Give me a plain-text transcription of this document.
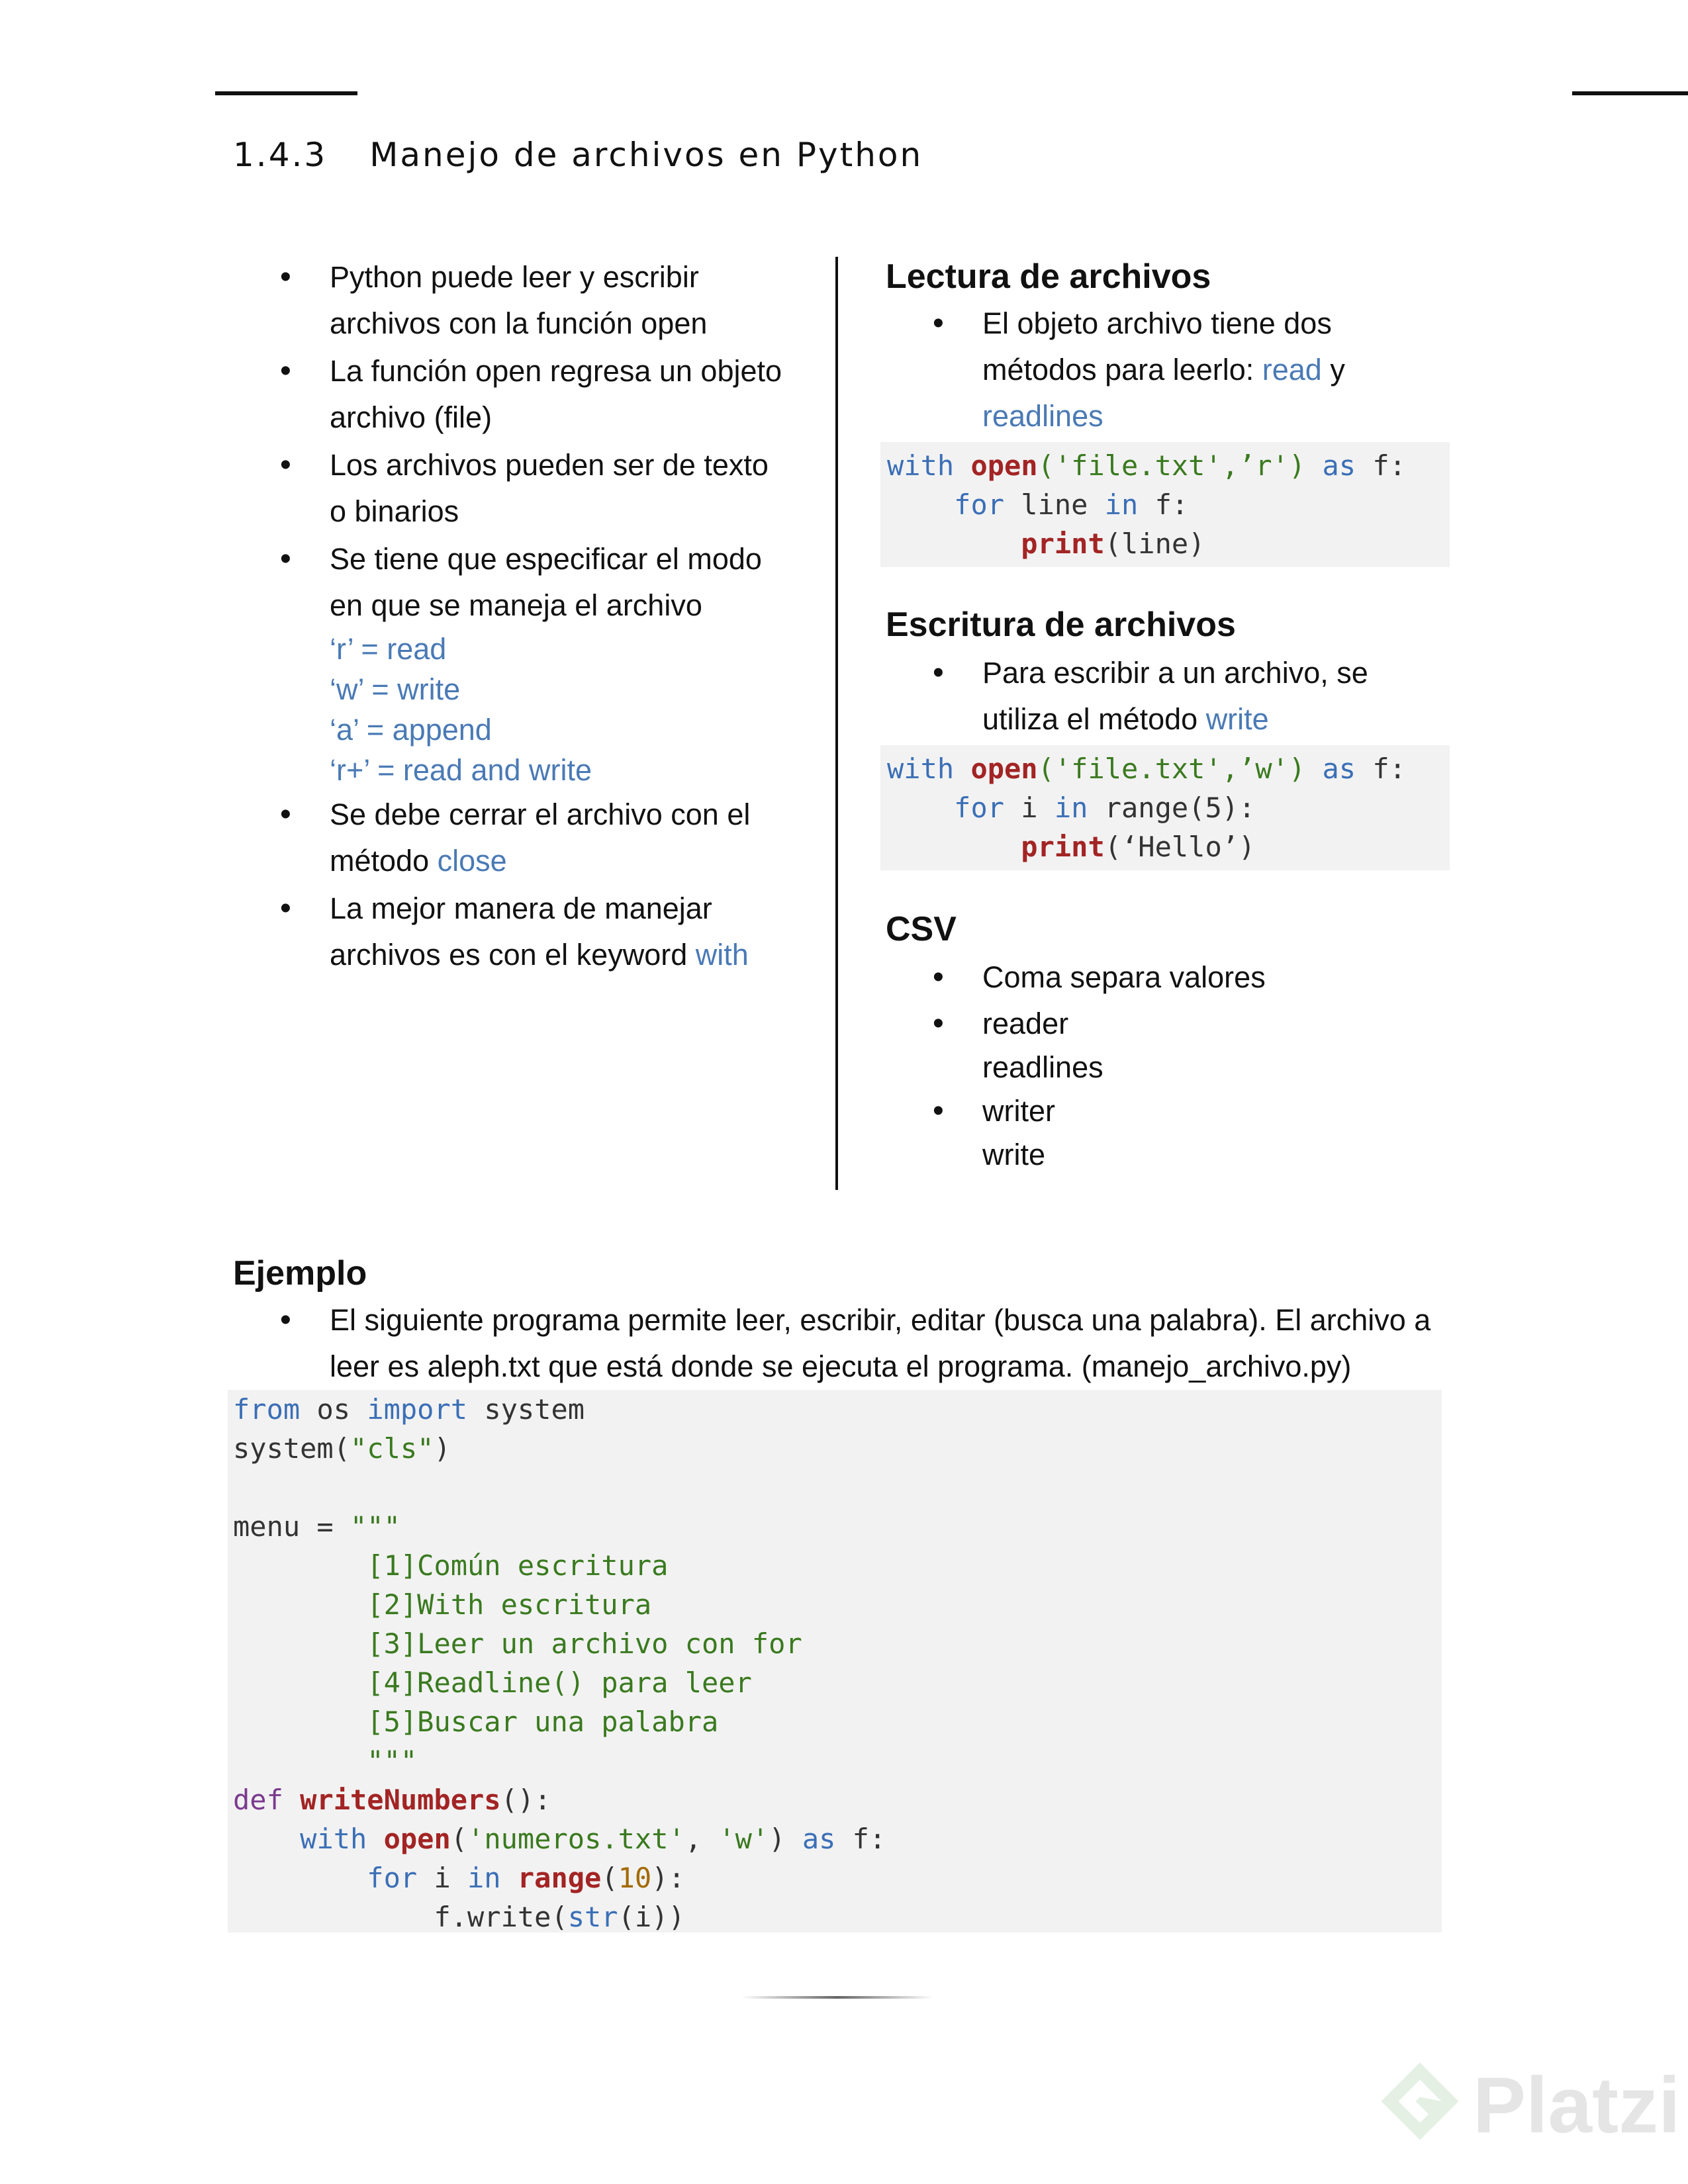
1.4.3 Manejo de archivos en Python
• Python puede leer y escribir
archivos con la función open
• La función open regresa un objeto
archivo (file)
• Los archivos pueden ser de texto
o binarios
• Se tiene que especificar el modo
en que se maneja el archivo
‘r’ = read
‘w’ = write
‘a’ = append
‘r+’ = read and write
• Se debe cerrar el archivo con el
método close
• La mejor manera de manejar
archivos es con el keyword with
Lectura de archivos
• El objeto archivo tiene dos
métodos para leerlo: read y
readlines
with open('file.txt',’r') as f:
for line in f:
print(line)
Escritura de archivos
• Para escribir a un archivo, se
utiliza el método write
with open('file.txt',’w') as f:
for i in range(5):
print(‘Hello’)
CSV
• Coma separa valores
• reader
readlines
• writer
write
Ejemplo
• El siguiente programa permite leer, escribir, editar (busca una palabra). El archivo a
leer es aleph.txt que está donde se ejecuta el programa. (manejo_archivo.py)
from os import system
system("cls")

menu = """
[1]Común escritura
[2]With escritura
[3]Leer un archivo con for
[4]Readline() para leer
[5]Buscar una palabra
"""
def writeNumbers():
with open('numeros.txt', 'w') as f:
for i in range(10):
f.write(str(i))
Platzi
